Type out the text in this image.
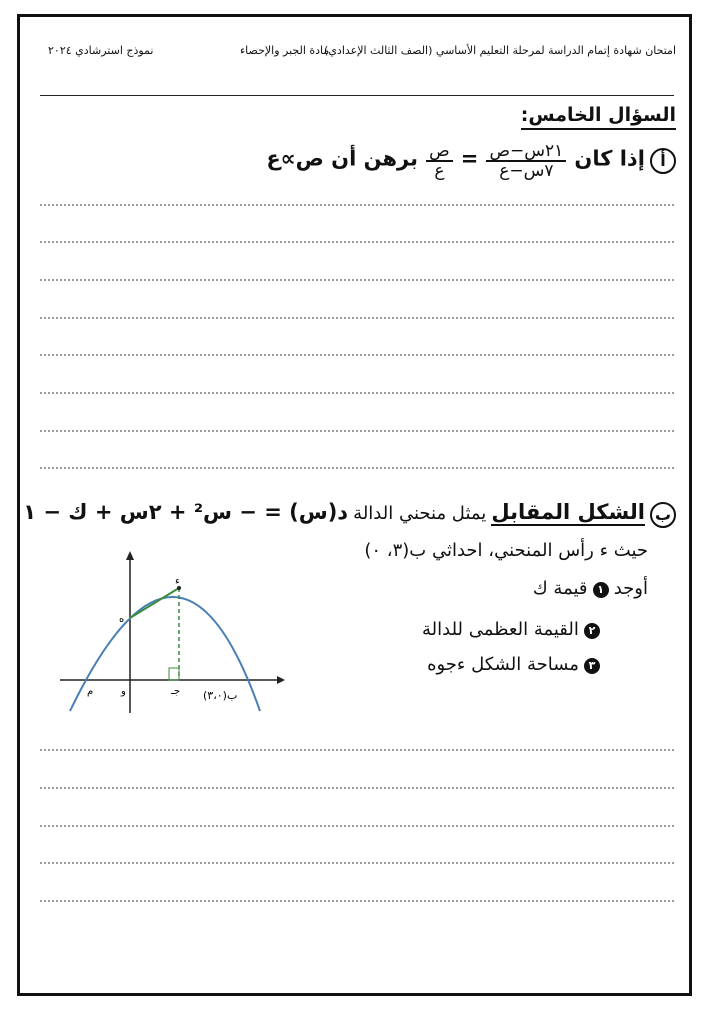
امتحان شهادة إتمام الدراسة لمرحلة التعليم الأساسي (الصف الثالث الإعدادي)
مادة الجبر والإحصاء
نموذج استرشادي ٢٠٢٤
السؤال الخامس:
أ إذا كان
$\frac{\text{٢١س−ص}}{\text{٧س−ع}}$
=
$\frac{\text{ص}}{\text{ع}}$
برهن أن ص∝ع
ب الشكل المقابل يمثل منحني الدالة د(س) = − س² + ٢س + ك − ١
حيث ء رأس المنحني، احداثي ب(٣، ٠)
أوجد ١ قيمة ك
٢ القيمة العظمى للدالة
٣ مساحة الشكل ءجوه
ء
ه
و
م	جـ (٣،٠)ب
